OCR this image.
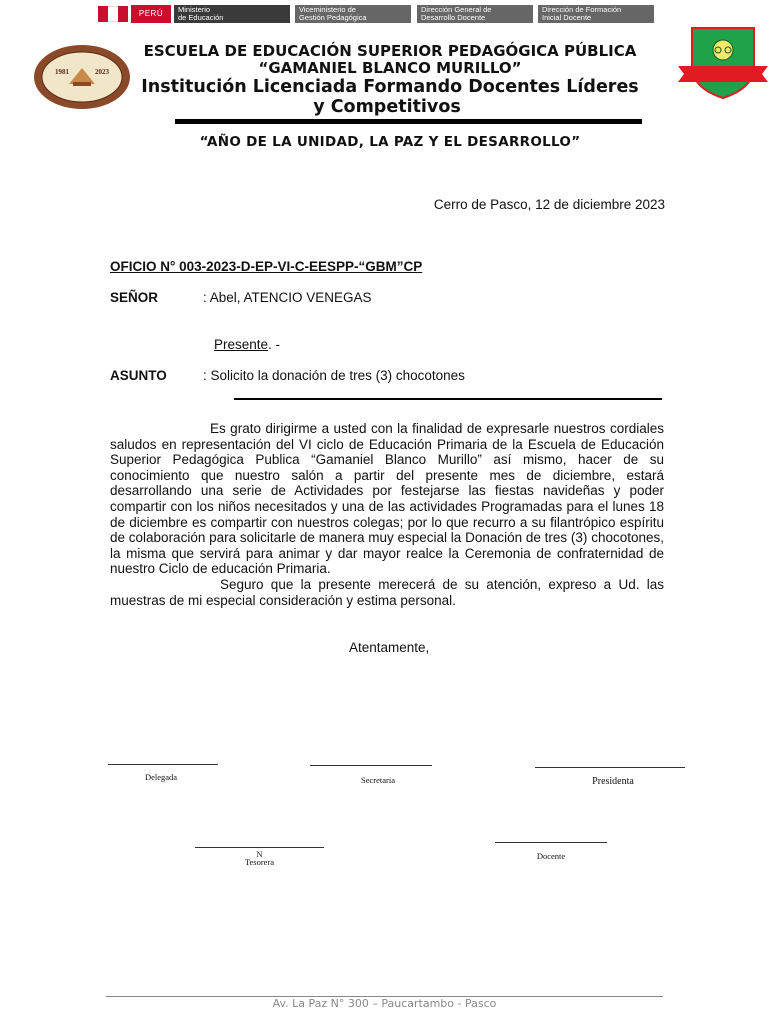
PERÚ	Ministerio
de Educación
Viceministerio de
Gestión Pedagógica
Dirección General de
Desarrollo Docente
Dirección de Formación
Inicial Docente
1981	2023
ESCUELA DE EDUCACIÓN SUPERIOR PEDAGÓGICA PÚBLICA
“GAMANIEL BLANCO MURILLO”
Institución Licenciada Formando Docentes Líderes
y Competitivos
“AÑO DE LA UNIDAD, LA PAZ Y EL DESARROLLO”
Cerro de Pasco, 12 de diciembre 2023
OFICIO N° 003-2023-D-EP-VI-C-EESPP-“GBM”CP
SEÑOR	: Abel, ATENCIO VENEGAS
Presente. -
ASUNTO	: Solicito la donación de tres (3) chocotones
Es grato dirigirme a usted con la finalidad de expresarle nuestros cordiales saludos en representación del VI ciclo de Educación Primaria de la Escuela de Educación Superior Pedagógica Publica “Gamaniel Blanco Murillo” así mismo, hacer de su conocimiento que nuestro salón a partir del presente mes de diciembre, estará desarrollando una serie de Actividades por festejarse las fiestas navideñas y poder compartir con los niños necesitados y una de las actividades Programadas para el lunes 18 de diciembre es compartir con nuestros colegas; por lo que recurro a su filantrópico espíritu de colaboración para solicitarle de manera muy especial la Donación de tres (3) chocotones, la misma que servirá para animar y dar mayor realce la Ceremonia de confraternidad de nuestro Ciclo de educación Primaria.
Seguro que la presente merecerá de su atención, expreso a Ud. las muestras de mi especial consideración y estima personal.
Atentamente,
Delegada	Secretaria	Presidenta
N
Tesorera
Docente
Av. La Paz N° 300 – Paucartambo - Pasco
